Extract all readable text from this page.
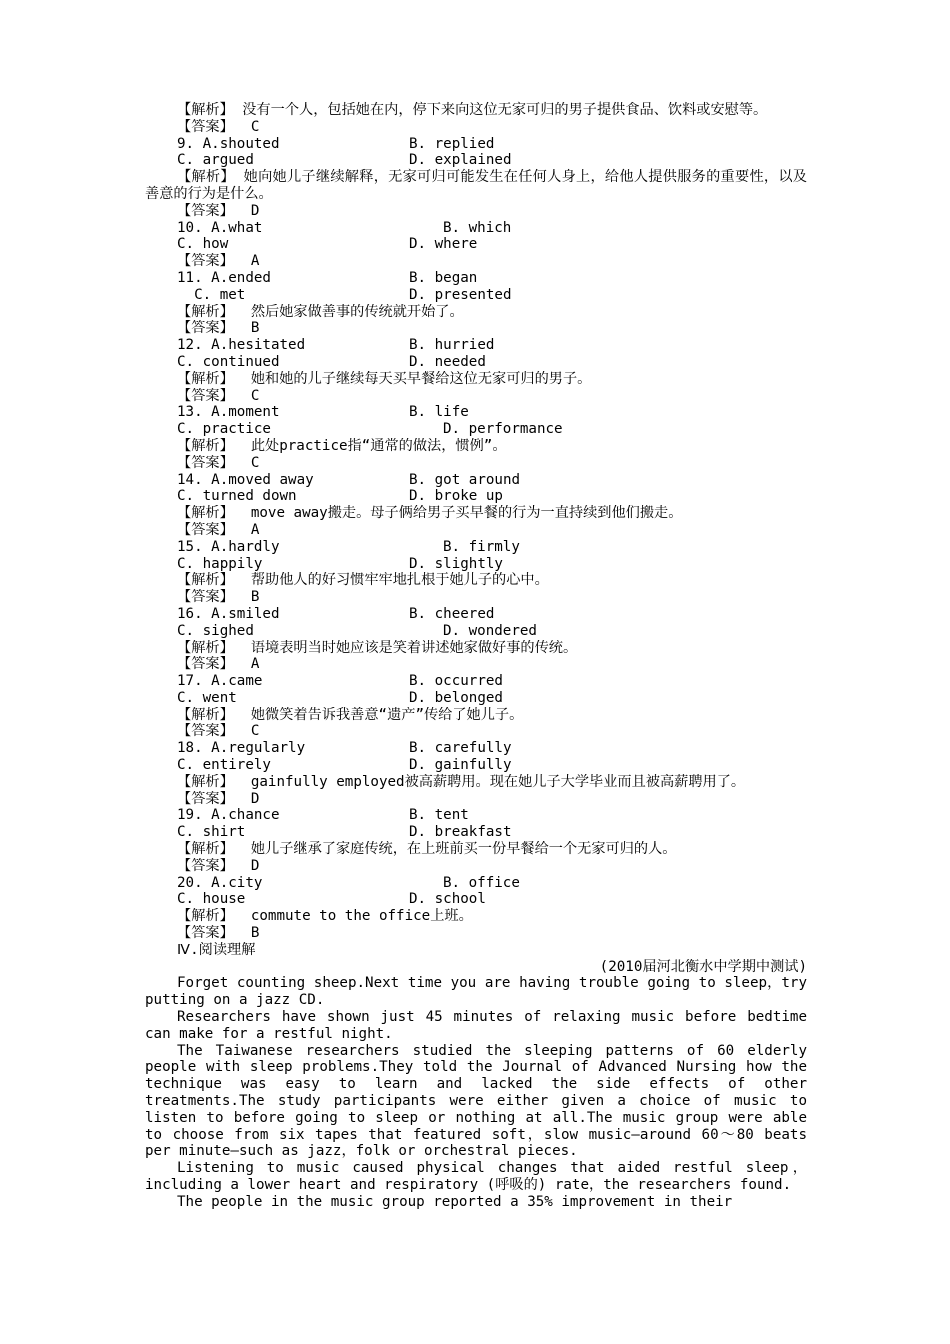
【解析】 没有一个人，包括她在内，停下来向这位无家可归的男子提供食品、饮料或安慰等。
【答案】  C
9. A.shouted	B. replied
C. argued	D. explained
【解析】 她向她儿子继续解释，无家可归可能发生在任何人身上，给他人提供服务的重要性，以及善意的行为是什么。
【答案】  D
10. A.what	B. which
C. how	D. where
【答案】  A
11. A.ended	B. began
C. met	D. presented
【解析】  然后她家做善事的传统就开始了。
【答案】  B
12. A.hesitated	B. hurried
C. continued	D. needed
【解析】  她和她的儿子继续每天买早餐给这位无家可归的男子。
【答案】  C
13. A.moment	B. life
C. practice	D. performance
【解析】  此处practice指“通常的做法，惯例”。
【答案】  C
14. A.moved away	B. got around
C. turned down	D. broke up
【解析】  move away搬走。母子俩给男子买早餐的行为一直持续到他们搬走。
【答案】  A
15. A.hardly	B. firmly
C. happily	D. slightly
【解析】  帮助他人的好习惯牢牢地扎根于她儿子的心中。
【答案】  B
16. A.smiled	B. cheered
C. sighed	D. wondered
【解析】  语境表明当时她应该是笑着讲述她家做好事的传统。
【答案】  A
17. A.came	B. occurred
C. went	D. belonged
【解析】  她微笑着告诉我善意“遗产”传给了她儿子。
【答案】  C
18. A.regularly	B. carefully
C. entirely	D. gainfully
【解析】  gainfully employed被高薪聘用。现在她儿子大学毕业而且被高薪聘用了。
【答案】  D
19. A.chance	B. tent
C. shirt	D. breakfast
【解析】  她儿子继承了家庭传统，在上班前买一份早餐给一个无家可归的人。
【答案】  D
20. A.city	B. office
C. house	D. school
【解析】  commute to the office上班。
【答案】  B
Ⅳ.阅读理解
(2010届河北衡水中学期中测试)
Forget counting sheep.Next time you are having trouble going to sleep，try putting on a jazz CD.
Researchers have shown just 45 minutes of relaxing music before bedtime can make for a restful night.
The Taiwanese researchers studied the sleeping patterns of 60 elderly people with sleep problems.They told the Journal of Advanced Nursing how the technique was easy to learn and lacked the side effects of other treatments.The study participants were either given a choice of music to listen to before going to sleep or nothing at all.The music group were able to choose from six tapes that featured soft，slow music—around 60～80 beats per minute—such as jazz，folk or orchestral pieces.
Listening to music caused physical changes that aided restful sleep，including a lower heart and respiratory (呼吸的) rate，the researchers found.
The people in the music group reported a 35% improvement in their
